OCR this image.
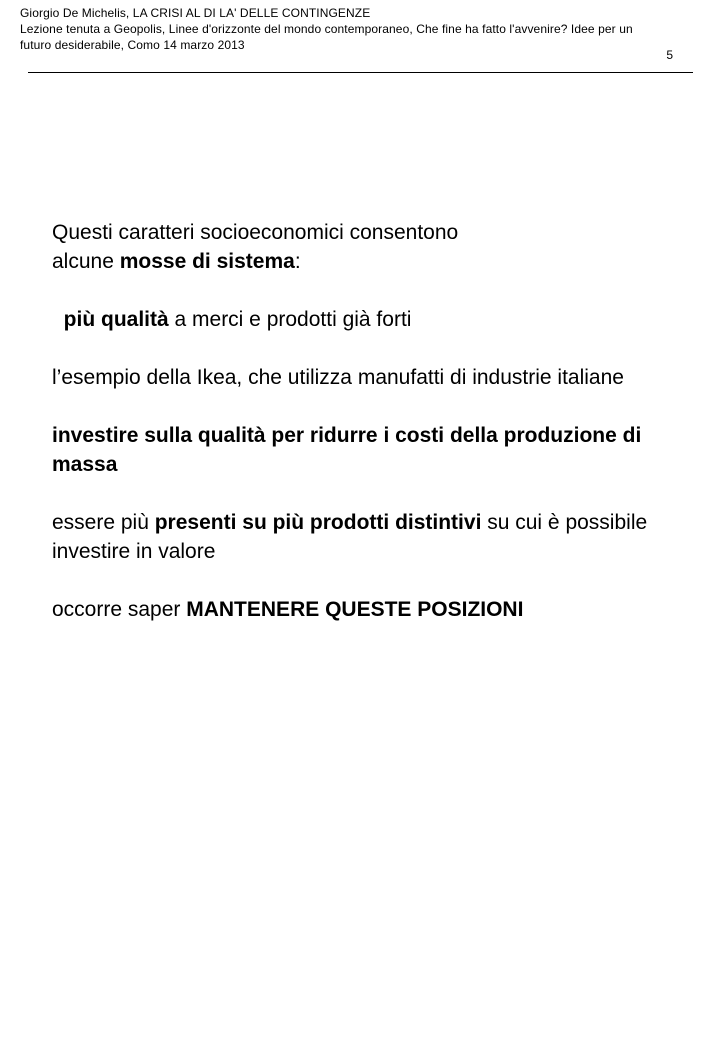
Giorgio De Michelis, LA CRISI AL DI LA' DELLE CONTINGENZE
Lezione tenuta a Geopolis, Linee d'orizzonte del mondo contemporaneo, Che fine ha fatto l'avvenire? Idee per un
futuro desiderabile, Como 14 marzo 2013
5

Questi caratteri socioeconomici consentono
alcune mosse di sistema:

più qualità a merci e prodotti già forti

l’esempio della Ikea, che utilizza manufatti di industrie italiane

investire sulla qualità per ridurre i costi della produzione di massa

essere più presenti su più prodotti distintivi su cui è possibile investire in valore

occorre saper MANTENERE QUESTE POSIZIONI
